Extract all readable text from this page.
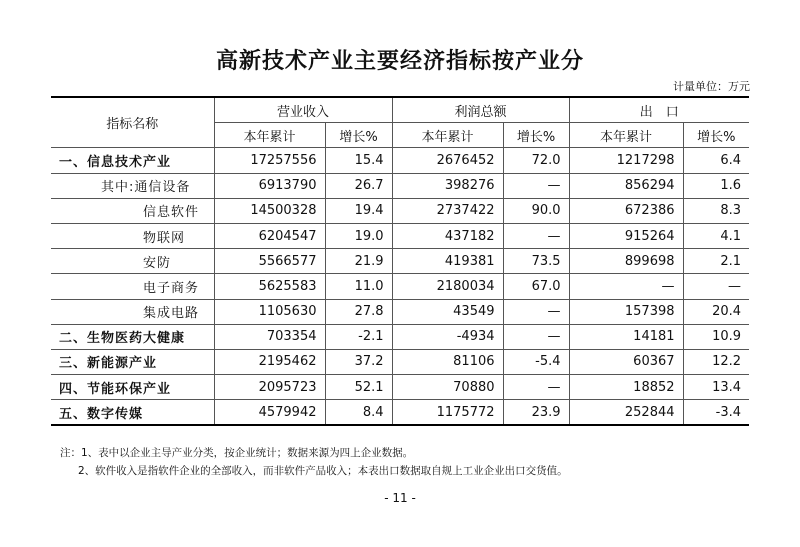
高新技术产业主要经济指标按产业分
计量单位：万元
指标名称	营业收入		利润总额		出　口	
	本年累计	增长%	本年累计	增长%	本年累计	增长%
一、信息技术产业	17257556	15.4	2676452	72.0	1217298	6.4
其中:通信设备	6913790	26.7	398276	—	856294	1.6
信息软件	14500328	19.4	2737422	90.0	672386	8.3
物联网	6204547	19.0	437182	—	915264	4.1
安防	5566577	21.9	419381	73.5	899698	2.1
电子商务	5625583	11.0	2180034	67.0	—	—
集成电路	1105630	27.8	43549	—	157398	20.4
二、生物医药大健康	703354	-2.1	-4934	—	14181	10.9
三、新能源产业	2195462	37.2	81106	-5.4	60367	12.2
四、节能环保产业	2095723	52.1	70880	—	18852	13.4
五、数字传媒	4579942	8.4	1175772	23.9	252844	-3.4
注：1、表中以企业主导产业分类，按企业统计；数据来源为四上企业数据。
2、软件收入是指软件企业的全部收入，而非软件产品收入；本表出口数据取自规上工业企业出口交货值。
- 11 -
